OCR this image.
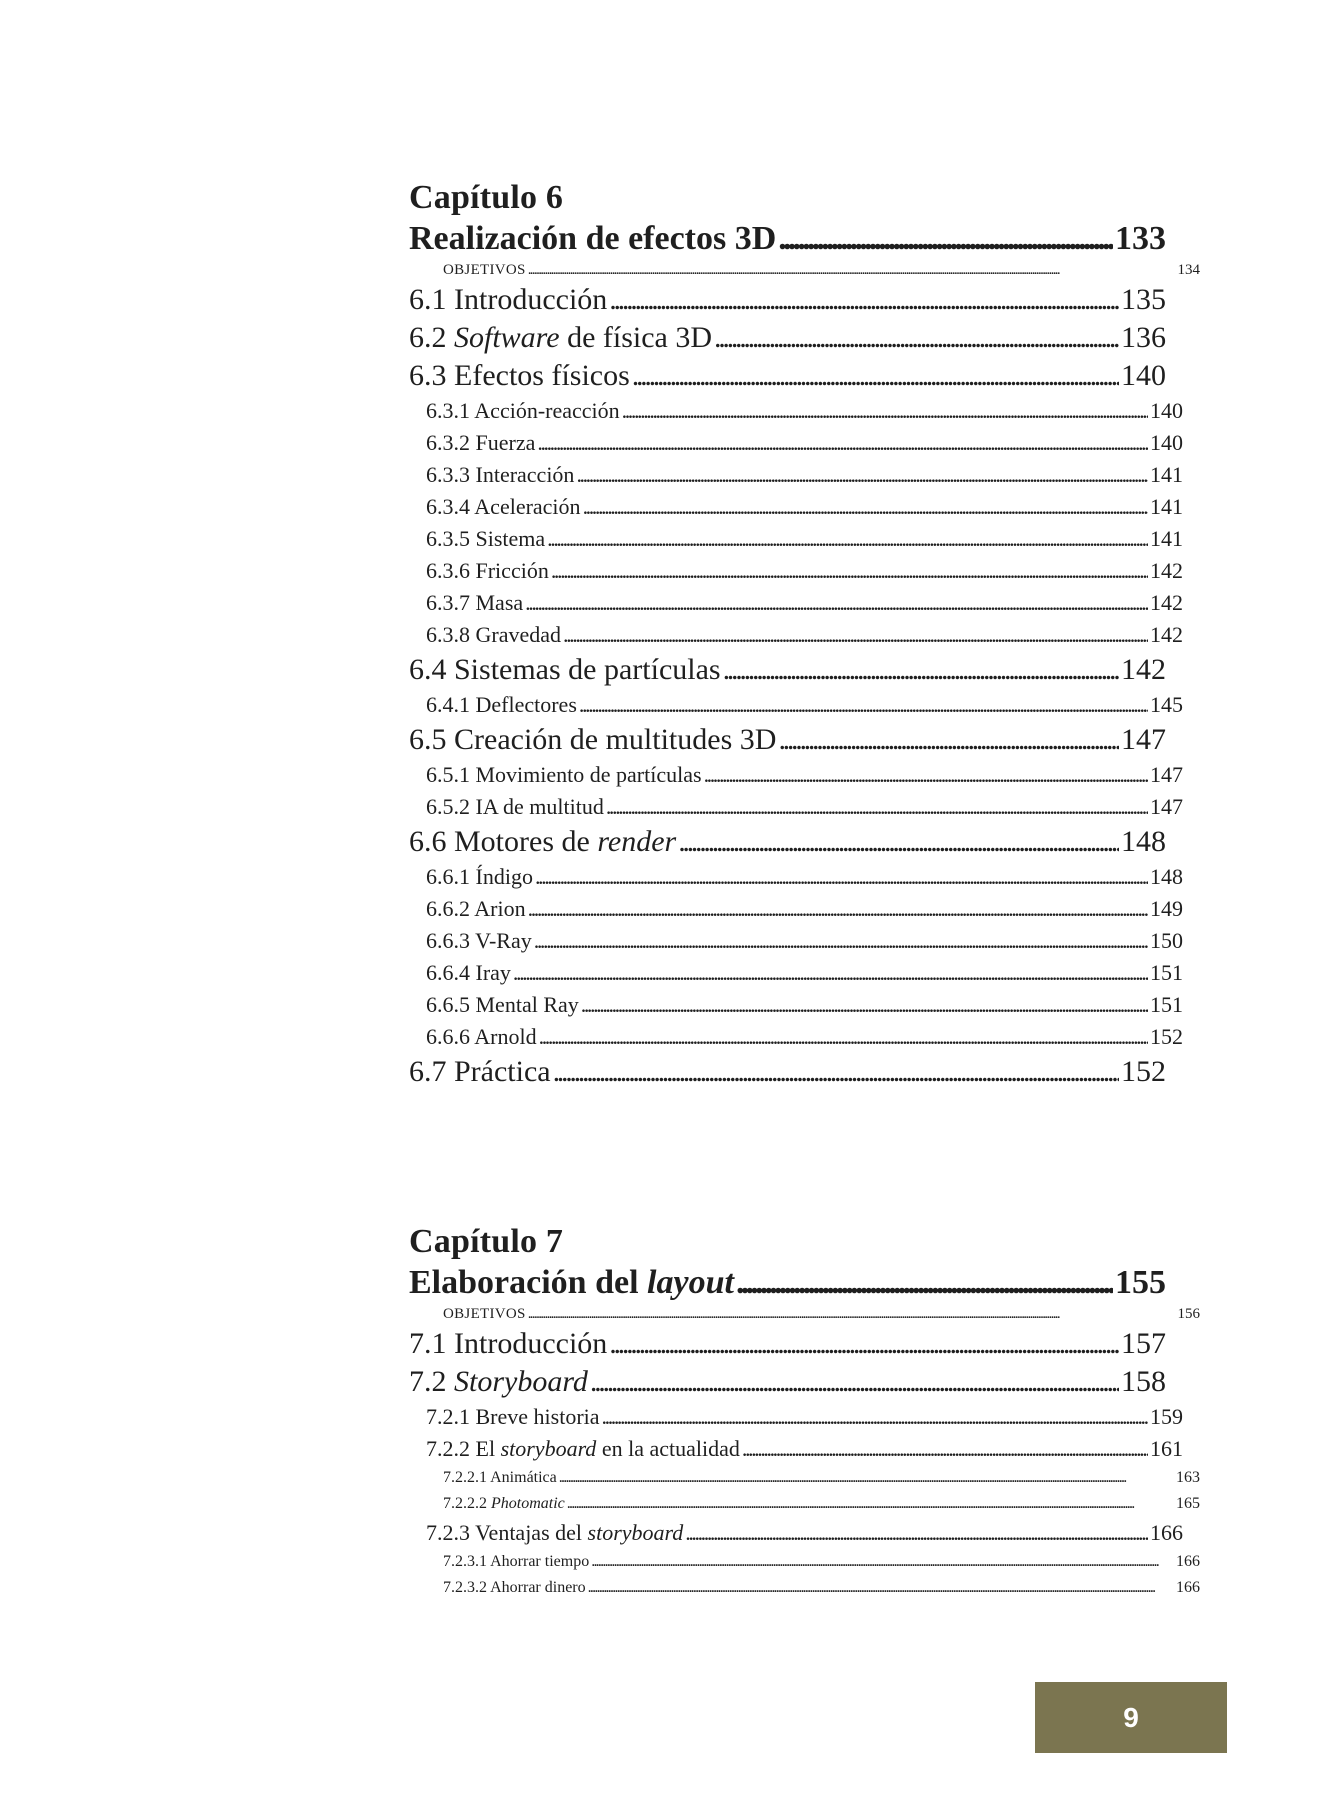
Capítulo 6
Realización de efectos 3D . . .	133
OBJETIVOS . . .	134
6.1 Introducción . . .	135
6.2 Software de física 3D . . .	136
6.3 Efectos físicos . . .	140
6.3.1 Acción-reacción . . .	140
6.3.2 Fuerza . . .	140
6.3.3 Interacción . . .	141
6.3.4 Aceleración . . .	141
6.3.5 Sistema . . .	141
6.3.6 Fricción . . .	142
6.3.7 Masa . . .	142
6.3.8 Gravedad . . .	142
6.4 Sistemas de partículas . . .	142
6.4.1 Deflectores . . .	145
6.5 Creación de multitudes 3D . . .	147
6.5.1 Movimiento de partículas . . .	147
6.5.2 IA de multitud . . .	147
6.6 Motores de render . . .	148
6.6.1 Índigo . . .	148
6.6.2 Arion . . .	149
6.6.3 V-Ray . . .	150
6.6.4 Iray . . .	151
6.6.5 Mental Ray . . .	151
6.6.6 Arnold . . .	152
6.7 Práctica . . .	152
Capítulo 7
Elaboración del layout . . .	155
OBJETIVOS . . .	156
7.1 Introducción . . .	157
7.2 Storyboard . . .	158
7.2.1 Breve historia . . .	159
7.2.2 El storyboard en la actualidad . . .	161
7.2.2.1 Animática . . .	163
7.2.2.2 Photomatic . . .	165
7.2.3 Ventajas del storyboard . . .	166
7.2.3.1 Ahorrar tiempo . . .	166
7.2.3.2 Ahorrar dinero . . .	166
9
